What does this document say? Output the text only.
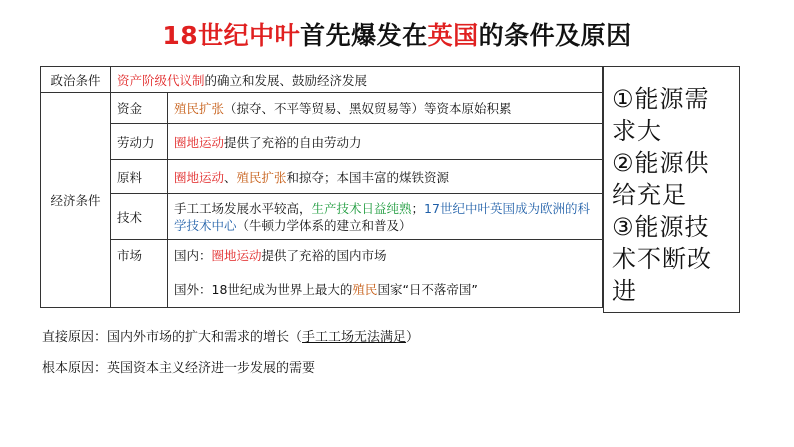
18世纪中叶首先爆发在英国的条件及原因
政治条件	资产阶级代议制的确立和发展、鼓励经济发展	
经济条件	资金	殖民扩张（掠夺、不平等贸易、黑奴贸易等）等资本原始积累
	劳动力	圈地运动提供了充裕的自由劳动力
	原料	圈地运动、殖民扩张和掠夺；本国丰富的煤铁资源
	技术	手工工场发展水平较高，生产技术日益纯熟；17世纪中叶英国成为欧洲的科学技术中心（牛顿力学体系的建立和普及）
	市场	国内：圈地运动提供了充裕的国内市场
国外：18世纪成为世界上最大的殖民国家“日不落帝国”
①能源需求大
②能源供给充足
③能源技术不断改进
直接原因：国内外市场的扩大和需求的增长（手工工场无法满足）
根本原因：英国资本主义经济进一步发展的需要
